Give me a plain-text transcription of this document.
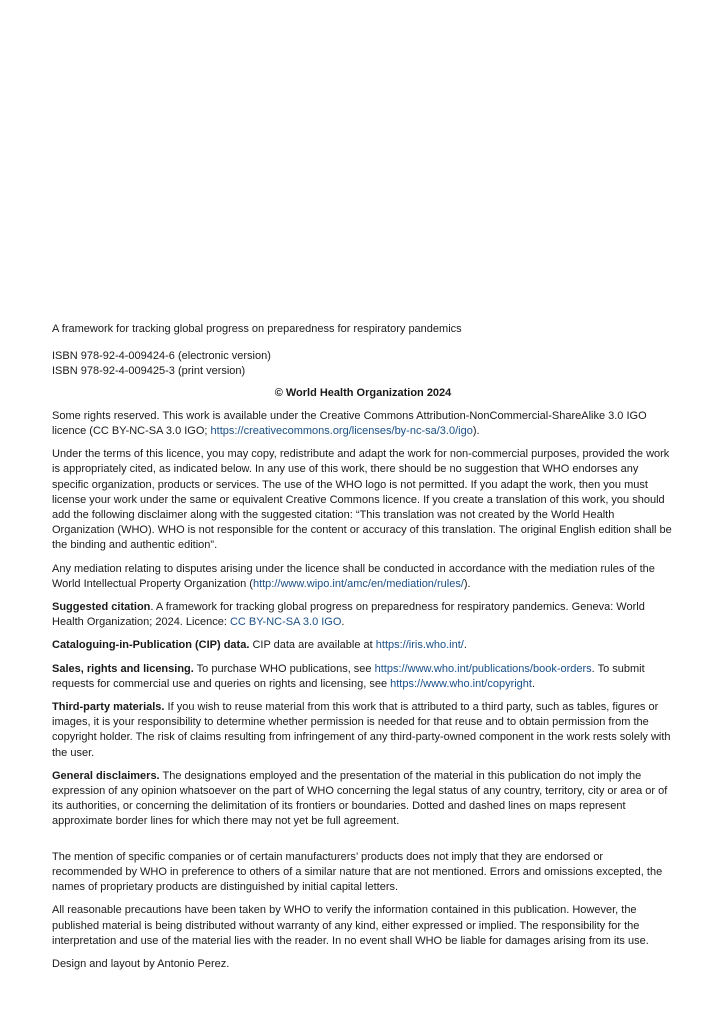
A framework for tracking global progress on preparedness for respiratory pandemics

ISBN 978-92-4-009424-6 (electronic version)

ISBN 978-92-4-009425-3 (print version)

© World Health Organization 2024

Some rights reserved. This work is available under the Creative Commons Attribution-NonCommercial-ShareAlike 3.0 IGO licence (CC BY-NC-SA 3.0 IGO; https://creativecommons.org/licenses/by-nc-sa/3.0/igo).

Under the terms of this licence, you may copy, redistribute and adapt the work for non-commercial purposes, provided the work is appropriately cited, as indicated below. In any use of this work, there should be no suggestion that WHO endorses any specific organization, products or services. The use of the WHO logo is not permitted. If you adapt the work, then you must license your work under the same or equivalent Creative Commons licence. If you create a translation of this work, you should add the following disclaimer along with the suggested citation: “This translation was not created by the World Health Organization (WHO). WHO is not responsible for the content or accuracy of this translation. The original English edition shall be the binding and authentic edition”.

Any mediation relating to disputes arising under the licence shall be conducted in accordance with the mediation rules of the World Intellectual Property Organization (http://www.wipo.int/amc/en/mediation/rules/).

Suggested citation. A framework for tracking global progress on preparedness for respiratory pandemics. Geneva: World Health Organization; 2024. Licence: CC BY-NC-SA 3.0 IGO.

Cataloguing-in-Publication (CIP) data. CIP data are available at https://iris.who.int/.

Sales, rights and licensing. To purchase WHO publications, see https://www.who.int/publications/book-orders. To submit requests for commercial use and queries on rights and licensing, see https://www.who.int/copyright.

Third-party materials. If you wish to reuse material from this work that is attributed to a third party, such as tables, figures or images, it is your responsibility to determine whether permission is needed for that reuse and to obtain permission from the copyright holder. The risk of claims resulting from infringement of any third-party-owned component in the work rests solely with the user.

General disclaimers. The designations employed and the presentation of the material in this publication do not imply the expression of any opinion whatsoever on the part of WHO concerning the legal status of any country, territory, city or area or of its authorities, or concerning the delimitation of its frontiers or boundaries. Dotted and dashed lines on maps represent approximate border lines for which there may not yet be full agreement.

The mention of specific companies or of certain manufacturers’ products does not imply that they are endorsed or recommended by WHO in preference to others of a similar nature that are not mentioned. Errors and omissions excepted, the names of proprietary products are distinguished by initial capital letters.

All reasonable precautions have been taken by WHO to verify the information contained in this publication. However, the published material is being distributed without warranty of any kind, either expressed or implied. The responsibility for the interpretation and use of the material lies with the reader. In no event shall WHO be liable for damages arising from its use.

Design and layout by Antonio Perez.
